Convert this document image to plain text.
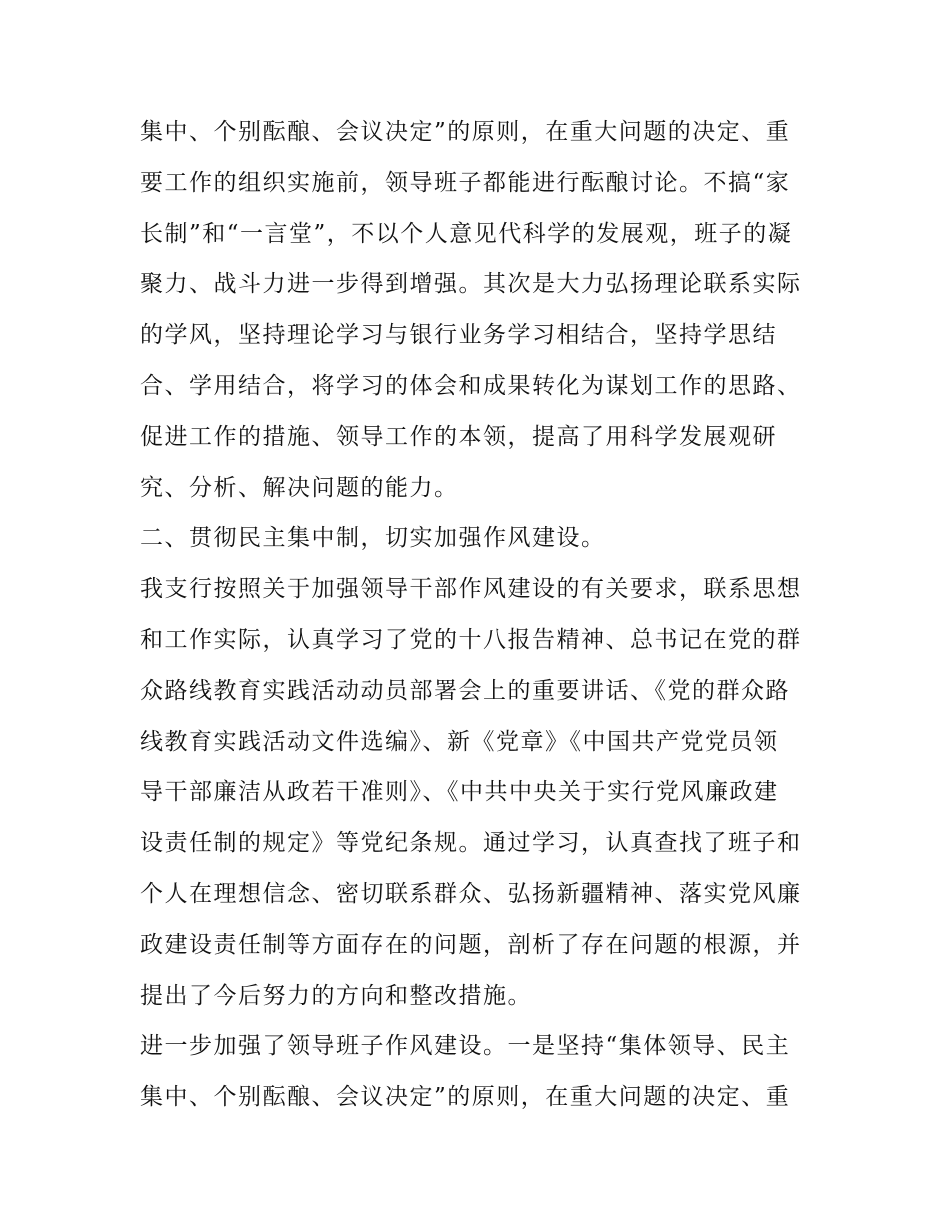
集中、个别酝酿、会议决定”的原则，在重大问题的决定、重
要工作的组织实施前，领导班子都能进行酝酿讨论。不搞“家
长制”和“一言堂”，不以个人意见代科学的发展观，班子的凝
聚力、战斗力进一步得到增强。其次是大力弘扬理论联系实际
的学风，坚持理论学习与银行业务学习相结合，坚持学思结
合、学用结合，将学习的体会和成果转化为谋划工作的思路、
促进工作的措施、领导工作的本领，提高了用科学发展观研
究、分析、解决问题的能力。
二、贯彻民主集中制，切实加强作风建设。
我支行按照关于加强领导干部作风建设的有关要求，联系思想
和工作实际，认真学习了党的十八报告精神、总书记在党的群
众路线教育实践活动动员部署会上的重要讲话、《党的群众路
线教育实践活动文件选编》、新《党章》《中国共产党党员领
导干部廉洁从政若干准则》、《中共中央关于实行党风廉政建
设责任制的规定》等党纪条规。通过学习，认真查找了班子和
个人在理想信念、密切联系群众、弘扬新疆精神、落实党风廉
政建设责任制等方面存在的问题，剖析了存在问题的根源，并
提出了今后努力的方向和整改措施。
进一步加强了领导班子作风建设。一是坚持“集体领导、民主
集中、个别酝酿、会议决定”的原则，在重大问题的决定、重
